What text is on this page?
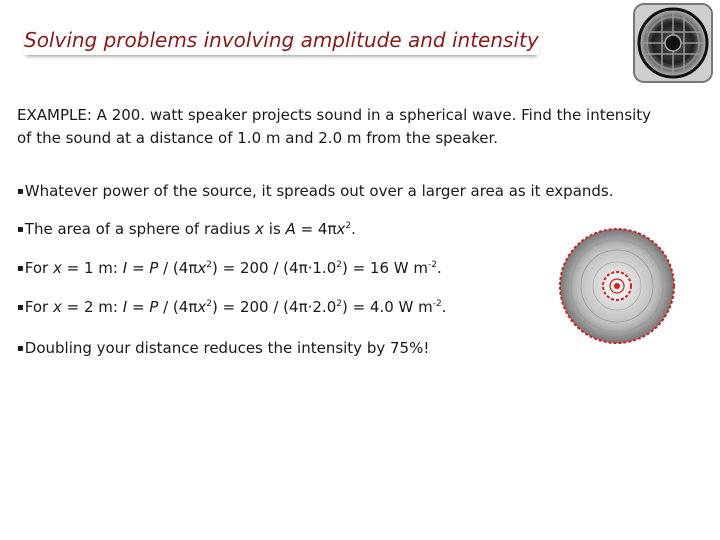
Solving problems involving amplitude and intensity
EXAMPLE: A 200. watt speaker projects sound in a spherical wave. Find the intensity of the sound at a distance of 1.0 m and 2.0 m from the speaker.
▪Whatever power of the source, it spreads out over a larger area as it expands.
▪The area of a sphere of radius x is $A = 4\pi x^2$.
▪For x = 1 m: $I = P / (4\pi x^2) = 200 / (4\pi\cdot 1.0^2) = 16$ W $m^{-2}$.
▪For x = 2 m: $I = P / (4\pi x^2) = 200 / (4\pi\cdot 2.0^2) = 4.0$ W $m^{-2}$.
▪Doubling your distance reduces the intensity by 75%!
